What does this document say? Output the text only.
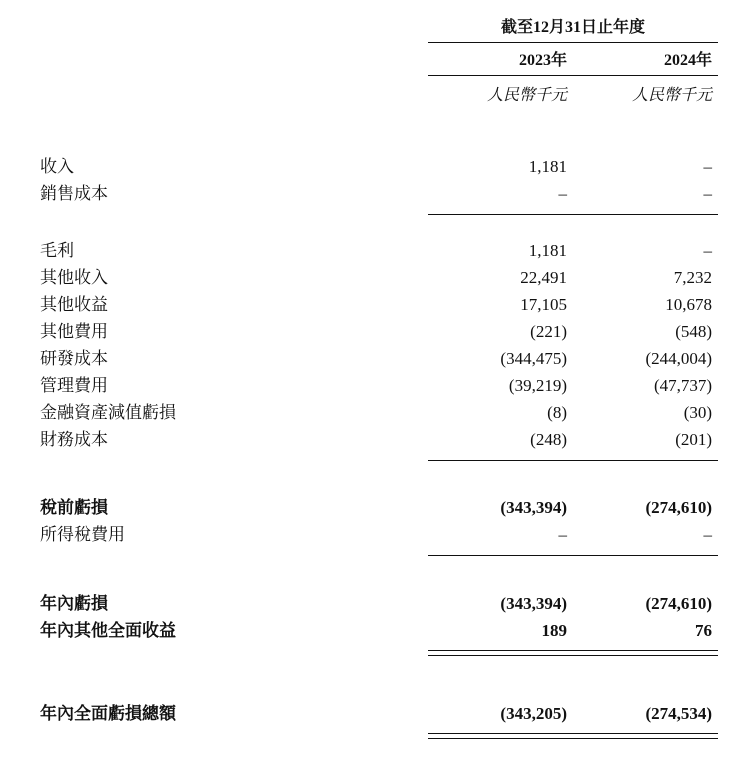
	截至12月31日止年度	
	2023年	2024年
	人民幣千元	人民幣千元

收入	1,181	–
銷售成本	–	–

毛利	1,181	–
其他收入	22,491	7,232
其他收益	17,105	10,678
其他費用	(221)	(548)
研發成本	(344,475)	(244,004)
管理費用	(39,219)	(47,737)
金融資產減值虧損	(8)	(30)
財務成本	(248)	(201)

稅前虧損	(343,394)	(274,610)
所得稅費用	–	–

年內虧損	(343,394)	(274,610)
年內其他全面收益	189	76

年內全面虧損總額	(343,205)	(274,534)
